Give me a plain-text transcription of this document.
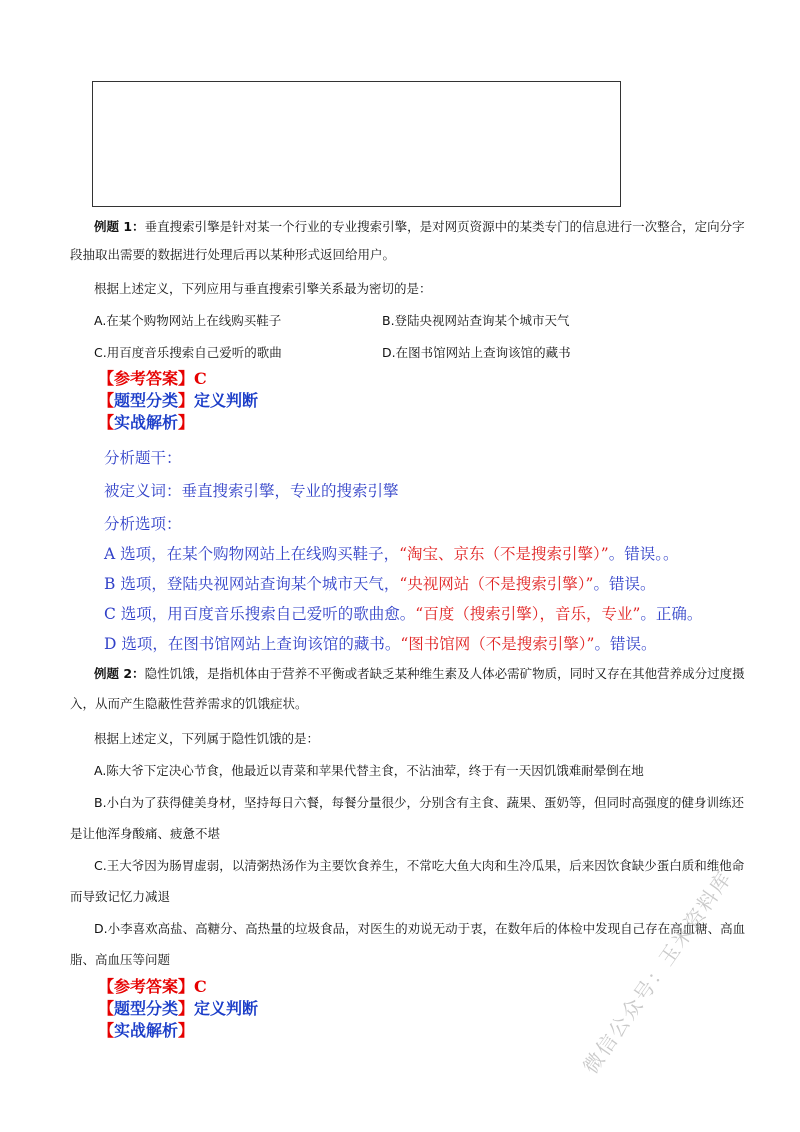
例题 1：垂直搜索引擎是针对某一个行业的专业搜索引擎，是对网页资源中的某类专门的信息进行一次整合，定向分字
段抽取出需要的数据进行处理后再以某种形式返回给用户。
根据上述定义，下列应用与垂直搜索引擎关系最为密切的是：
A.在某个购物网站上在线购买鞋子	B.登陆央视网站查询某个城市天气
C.用百度音乐搜索自己爱听的歌曲	D.在图书馆网站上查询该馆的藏书
【参考答案】C
【题型分类】定义判断
【实战解析】
分析题干：
被定义词：垂直搜索引擎，专业的搜索引擎
分析选项：
A 选项，在某个购物网站上在线购买鞋子，“淘宝、京东（不是搜索引擎）”。错误。。
B 选项，登陆央视网站查询某个城市天气，“央视网站（不是搜索引擎）”。错误。
C 选项，用百度音乐搜索自己爱听的歌曲愈。“百度（搜索引擎），音乐，专业”。正确。
D 选项，在图书馆网站上查询该馆的藏书。“图书馆网（不是搜索引擎）”。错误。
例题 2：隐性饥饿，是指机体由于营养不平衡或者缺乏某种维生素及人体必需矿物质，同时又存在其他营养成分过度摄
入，从而产生隐蔽性营养需求的饥饿症状。
根据上述定义，下列属于隐性饥饿的是：
A.陈大爷下定决心节食，他最近以青菜和苹果代替主食，不沾油荤，终于有一天因饥饿难耐晕倒在地
B.小白为了获得健美身材，坚持每日六餐，每餐分量很少，分别含有主食、蔬果、蛋奶等，但同时高强度的健身训练还
是让他浑身酸痛、疲惫不堪
C.王大爷因为肠胃虚弱，以清粥热汤作为主要饮食养生，不常吃大鱼大肉和生冷瓜果，后来因饮食缺少蛋白质和维他命
而导致记忆力减退
D.小李喜欢高盐、高糖分、高热量的垃圾食品，对医生的劝说无动于衷，在数年后的体检中发现自己存在高血糖、高血
脂、高血压等问题
【参考答案】C
【题型分类】定义判断
【实战解析】	微信公众号：玉米资料库
